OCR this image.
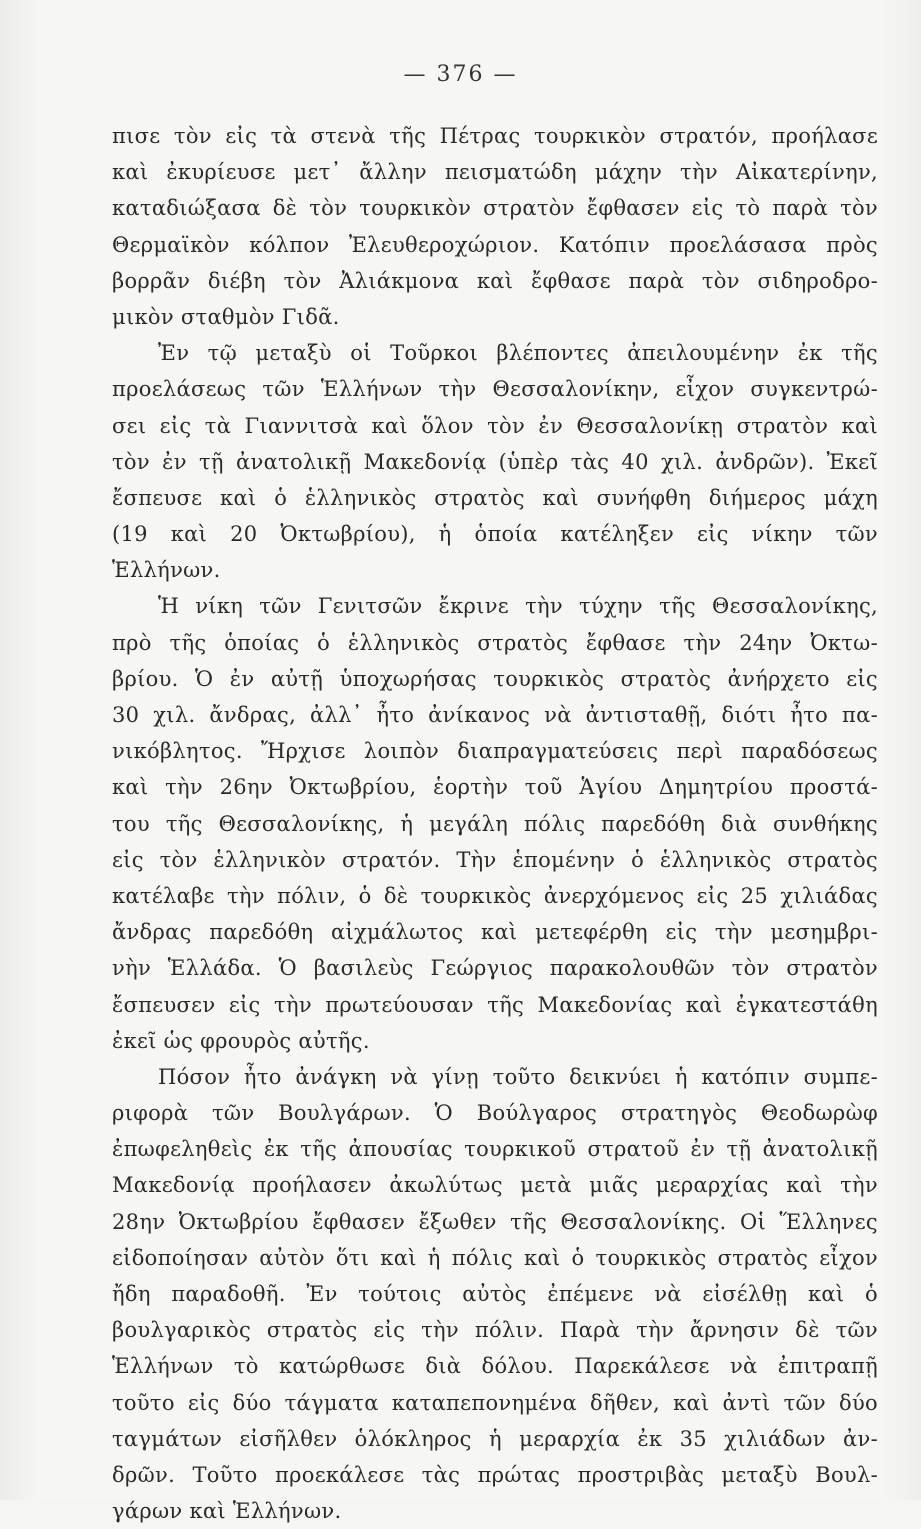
— 376 —
πισε τὸν εἰς τὰ στενὰ τῆς Πέτρας τουρκικὸν στρατόν, προήλασε
καὶ ἐκυρίευσε μετ᾽ ἄλλην πεισματώδη μάχην τὴν Αἰκατερίνην,
καταδιώξασα δὲ τὸν τουρκικὸν στρατὸν ἔφθασεν εἰς τὸ παρὰ τὸν
Θερμαϊκὸν κόλπον Ἐλευθεροχώριον. Κατόπιν προελάσασα πρὸς
βορρᾶν διέβη τὸν Ἀλιάκμονα καὶ ἔφθασε παρὰ τὸν σιδηροδρο-
μικὸν σταθμὸν Γιδᾶ.
Ἐν τῷ μεταξὺ οἱ Τοῦρκοι βλέποντες ἀπειλουμένην ἐκ τῆς
προελάσεως τῶν Ἑλλήνων τὴν Θεσσαλονίκην, εἶχον συγκεντρώ-
σει εἰς τὰ Γιαννιτσὰ καὶ ὅλον τὸν ἐν Θεσσαλονίκῃ στρατὸν καὶ
τὸν ἐν τῇ ἀνατολικῇ Μακεδονίᾳ (ὑπὲρ τὰς 40 χιλ. ἀνδρῶν). Ἐκεῖ
ἔσπευσε καὶ ὁ ἑλληνικὸς στρατὸς καὶ συνήφθη διήμερος μάχη
(19 καὶ 20 Ὀκτωβρίου), ἡ ὁποία κατέληξεν εἰς νίκην τῶν
Ἑλλήνων.
Ἡ νίκη τῶν Γενιτσῶν ἔκρινε τὴν τύχην τῆς Θεσσαλονίκης,
πρὸ τῆς ὁποίας ὁ ἑλληνικὸς στρατὸς ἔφθασε τὴν 24ην Ὀκτω-
βρίου. Ὁ ἐν αὐτῇ ὑποχωρήσας τουρκικὸς στρατὸς ἀνήρχετο εἰς
30 χιλ. ἄνδρας, ἀλλ᾽ ἦτο ἀνίκανος νὰ ἀντισταθῇ, διότι ἦτο πα-
νικόβλητος. Ἤρχισε λοιπὸν διαπραγματεύσεις περὶ παραδόσεως
καὶ τὴν 26ην Ὀκτωβρίου, ἑορτὴν τοῦ Ἁγίου Δημητρίου προστά-
του τῆς Θεσσαλονίκης, ἡ μεγάλη πόλις παρεδόθη διὰ συνθήκης
εἰς τὸν ἑλληνικὸν στρατόν. Τὴν ἑπομένην ὁ ἑλληνικὸς στρατὸς
κατέλαβε τὴν πόλιν, ὁ δὲ τουρκικὸς ἀνερχόμενος εἰς 25 χιλιάδας
ἄνδρας παρεδόθη αἰχμάλωτος καὶ μετεφέρθη εἰς τὴν μεσημβρι-
νὴν Ἑλλάδα. Ὁ βασιλεὺς Γεώργιος παρακολουθῶν τὸν στρατὸν
ἔσπευσεν εἰς τὴν πρωτεύουσαν τῆς Μακεδονίας καὶ ἐγκατεστάθη
ἐκεῖ ὡς φρουρὸς αὐτῆς.
Πόσον ἦτο ἀνάγκη νὰ γίνῃ τοῦτο δεικνύει ἡ κατόπιν συμπε-
ριφορὰ τῶν Βουλγάρων. Ὁ Βούλγαρος στρατηγὸς Θεοδωρὼφ
ἐπωφεληθεὶς ἐκ τῆς ἀπουσίας τουρκικοῦ στρατοῦ ἐν τῇ ἀνατολικῇ
Μακεδονίᾳ προήλασεν ἀκωλύτως μετὰ μιᾶς μεραρχίας καὶ τὴν
28ην Ὀκτωβρίου ἔφθασεν ἔξωθεν τῆς Θεσσαλονίκης. Οἱ Ἕλληνες
εἰδοποίησαν αὐτὸν ὅτι καὶ ἡ πόλις καὶ ὁ τουρκικὸς στρατὸς εἶχον
ἤδη παραδοθῆ. Ἐν τούτοις αὐτὸς ἐπέμενε νὰ εἰσέλθῃ καὶ ὁ
βουλγαρικὸς στρατὸς εἰς τὴν πόλιν. Παρὰ τὴν ἄρνησιν δὲ τῶν
Ἑλλήνων τὸ κατώρθωσε διὰ δόλου. Παρεκάλεσε νὰ ἐπιτραπῇ
τοῦτο εἰς δύο τάγματα καταπεπονημένα δῆθεν, καὶ ἀντὶ τῶν δύο
ταγμάτων εἰσῆλθεν ὁλόκληρος ἡ μεραρχία ἐκ 35 χιλιάδων ἀν-
δρῶν. Τοῦτο προεκάλεσε τὰς πρώτας προστριβὰς μεταξὺ Βουλ-
γάρων καὶ Ἑλλήνων.
